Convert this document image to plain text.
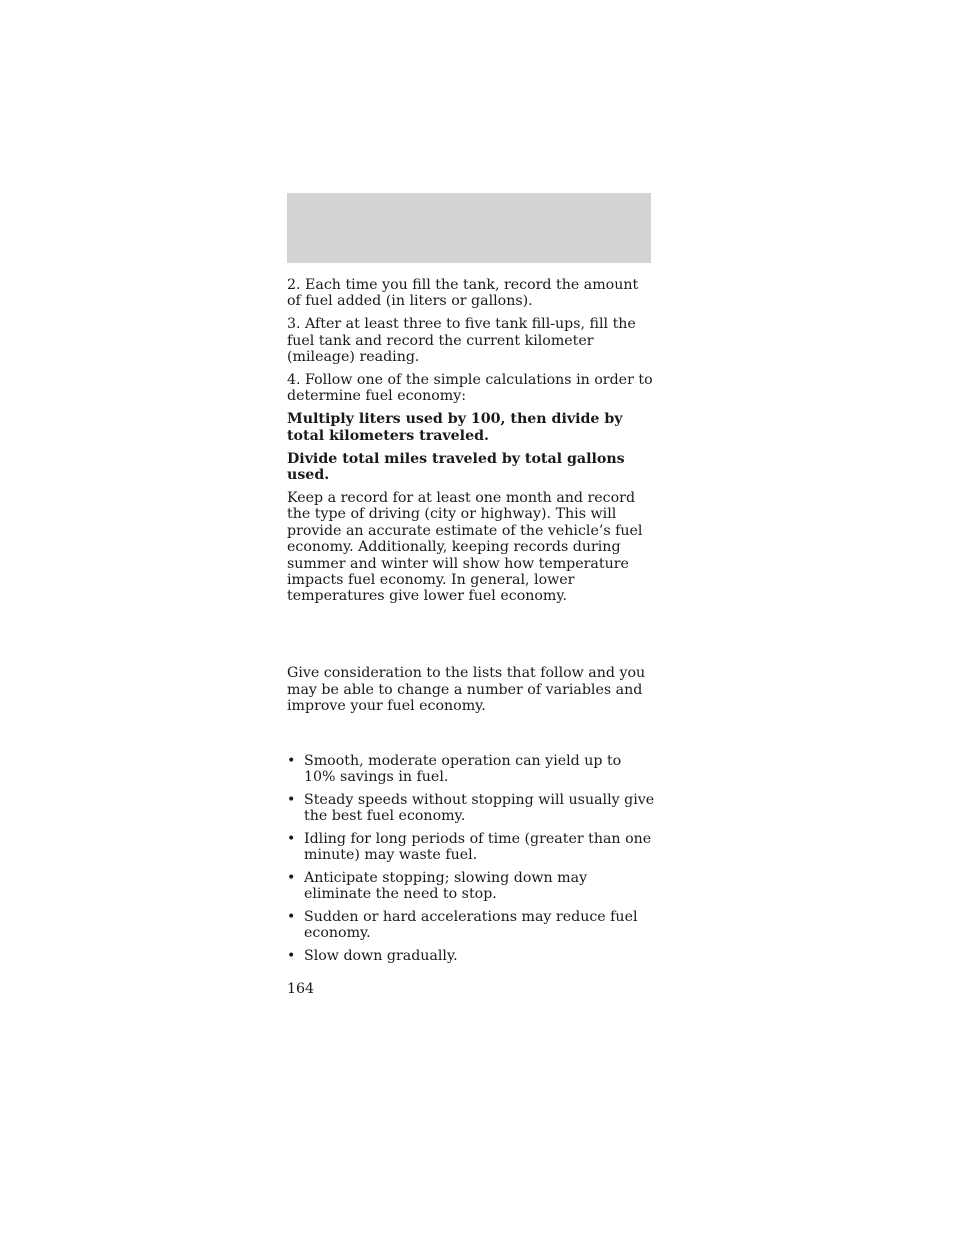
2. Each time you fill the tank, record the amount of fuel added (in liters or gallons).

3. After at least three to five tank fill-ups, fill the fuel tank and record the current kilometer (mileage) reading.

4. Follow one of the simple calculations in order to determine fuel economy:

Multiply liters used by 100, then divide by total kilometers traveled.

Divide total miles traveled by total gallons used.

Keep a record for at least one month and record the type of driving (city or highway). This will provide an accurate estimate of the vehicle’s fuel economy. Additionally, keeping records during summer and winter will show how temperature impacts fuel economy. In general, lower temperatures give lower fuel economy.

Give consideration to the lists that follow and you may be able to change a number of variables and improve your fuel economy.

• Smooth, moderate operation can yield up to 10% savings in fuel.
• Steady speeds without stopping will usually give the best fuel economy.
• Idling for long periods of time (greater than one minute) may waste fuel.
• Anticipate stopping; slowing down may eliminate the need to stop.
• Sudden or hard accelerations may reduce fuel economy.
• Slow down gradually.
164
